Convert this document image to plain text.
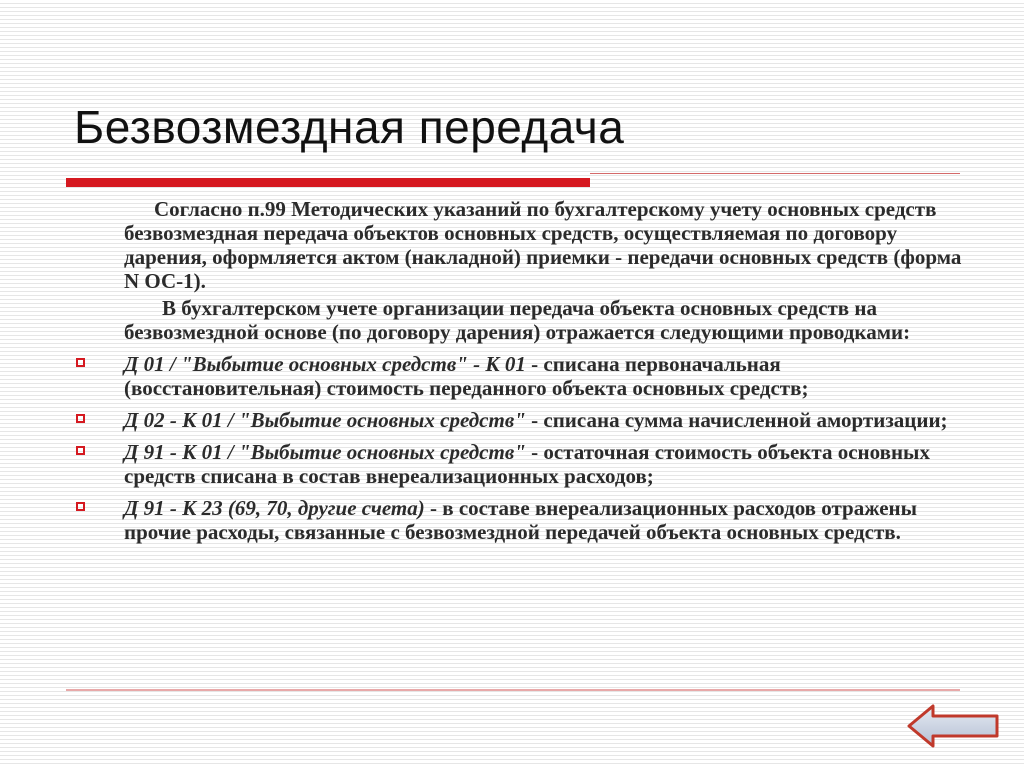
Безвозмездная передача

Согласно п.99 Методических указаний по бухгалтерскому учету основных средств безвозмездная передача объектов основных средств, осуществляемая по договору дарения, оформляется актом (накладной) приемки - передачи основных средств (форма N ОС-1).

В бухгалтерском учете организации передача объекта основных средств на безвозмездной основе (по договору дарения) отражается следующими проводками:

Д 01 / "Выбытие основных средств" - К 01 - списана первоначальная (восстановительная) стоимость переданного объекта основных средств;
Д 02 - К 01 / "Выбытие основных средств" - списана сумма начисленной амортизации;
Д 91 - К 01 / "Выбытие основных средств" - остаточная стоимость объекта основных средств списана в состав внереализационных расходов;
Д 91 - К 23 (69, 70, другие счета) - в составе внереализационных расходов отражены прочие расходы, связанные с безвозмездной передачей объекта основных средств.
